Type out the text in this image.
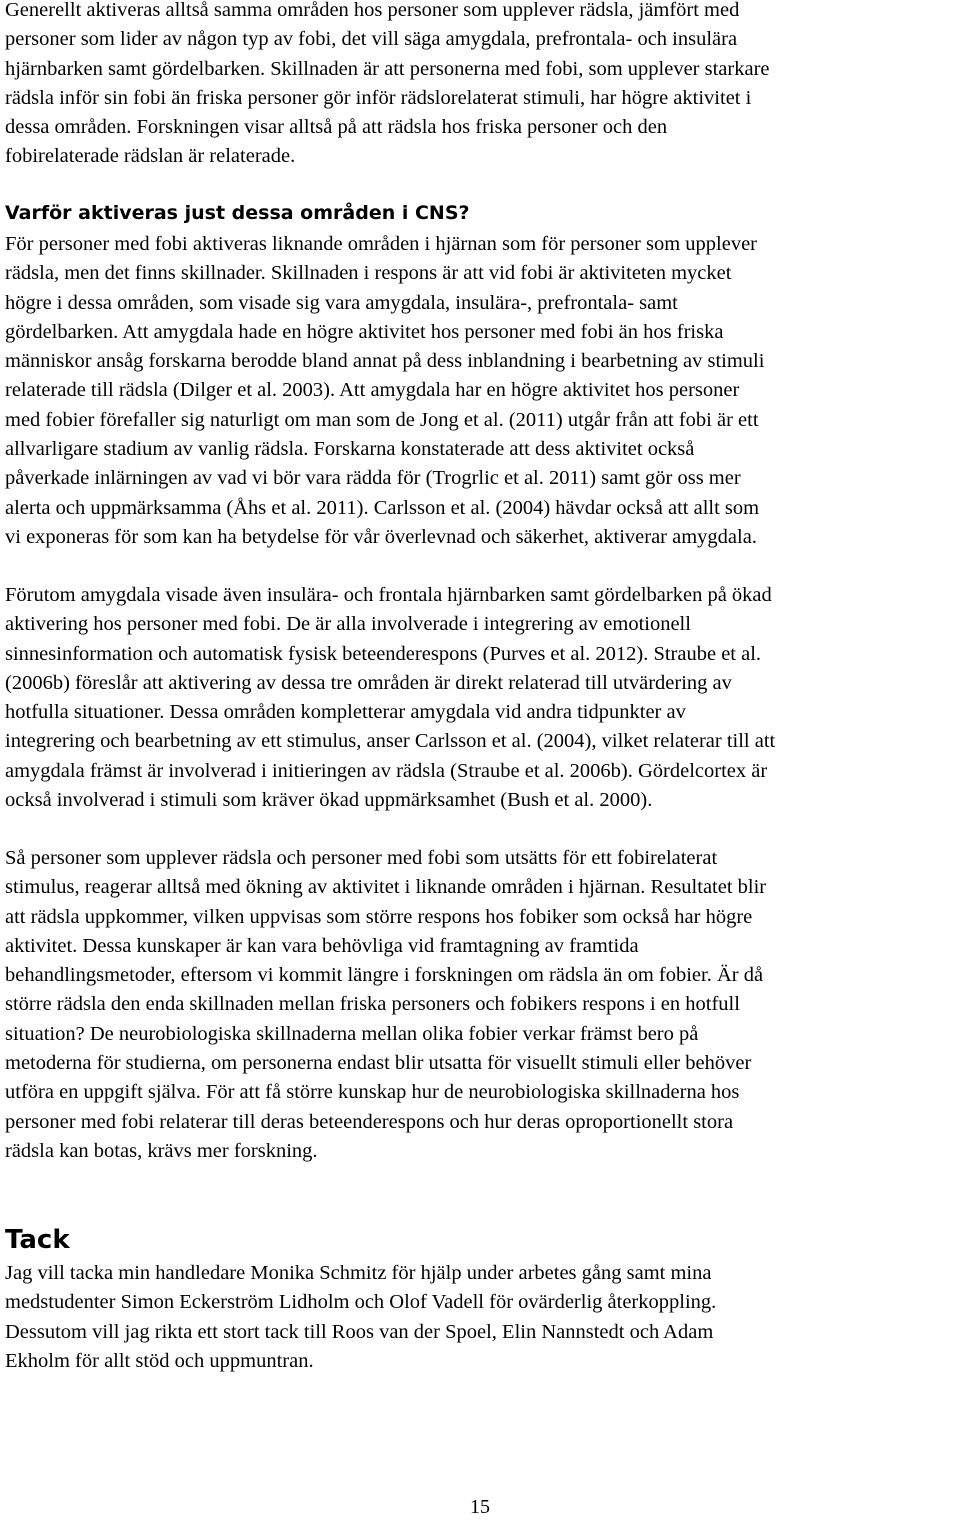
Generellt aktiveras alltså samma områden hos personer som upplever rädsla, jämfört med
personer som lider av någon typ av fobi, det vill säga amygdala, prefrontala- och insulära
hjärnbarken samt gördelbarken. Skillnaden är att personerna med fobi, som upplever starkare
rädsla inför sin fobi än friska personer gör inför rädslorelaterat stimuli, har högre aktivitet i
dessa områden. Forskningen visar alltså på att rädsla hos friska personer och den
fobirelaterade rädslan är relaterade.
Varför aktiveras just dessa områden i CNS?
För personer med fobi aktiveras liknande områden i hjärnan som för personer som upplever
rädsla, men det finns skillnader. Skillnaden i respons är att vid fobi är aktiviteten mycket
högre i dessa områden, som visade sig vara amygdala, insulära-, prefrontala- samt
gördelbarken. Att amygdala hade en högre aktivitet hos personer med fobi än hos friska
människor ansåg forskarna berodde bland annat på dess inblandning i bearbetning av stimuli
relaterade till rädsla (Dilger et al. 2003). Att amygdala har en högre aktivitet hos personer
med fobier förefaller sig naturligt om man som de Jong et al. (2011) utgår från att fobi är ett
allvarligare stadium av vanlig rädsla. Forskarna konstaterade att dess aktivitet också
påverkade inlärningen av vad vi bör vara rädda för (Trogrlic et al. 2011) samt gör oss mer
alerta och uppmärksamma (Åhs et al. 2011). Carlsson et al. (2004) hävdar också att allt som
vi exponeras för som kan ha betydelse för vår överlevnad och säkerhet, aktiverar amygdala.
Förutom amygdala visade även insulära- och frontala hjärnbarken samt gördelbarken på ökad
aktivering hos personer med fobi. De är alla involverade i integrering av emotionell
sinnesinformation och automatisk fysisk beteenderespons (Purves et al. 2012). Straube et al.
(2006b) föreslår att aktivering av dessa tre områden är direkt relaterad till utvärdering av
hotfulla situationer. Dessa områden kompletterar amygdala vid andra tidpunkter av
integrering och bearbetning av ett stimulus, anser Carlsson et al. (2004), vilket relaterar till att
amygdala främst är involverad i initieringen av rädsla (Straube et al. 2006b). Gördelcortex är
också involverad i stimuli som kräver ökad uppmärksamhet (Bush et al. 2000).
Så personer som upplever rädsla och personer med fobi som utsätts för ett fobirelaterat
stimulus, reagerar alltså med ökning av aktivitet i liknande områden i hjärnan. Resultatet blir
att rädsla uppkommer, vilken uppvisas som större respons hos fobiker som också har högre
aktivitet. Dessa kunskaper är kan vara behövliga vid framtagning av framtida
behandlingsmetoder, eftersom vi kommit längre i forskningen om rädsla än om fobier. Är då
större rädsla den enda skillnaden mellan friska personers och fobikers respons i en hotfull
situation? De neurobiologiska skillnaderna mellan olika fobier verkar främst bero på
metoderna för studierna, om personerna endast blir utsatta för visuellt stimuli eller behöver
utföra en uppgift själva. För att få större kunskap hur de neurobiologiska skillnaderna hos
personer med fobi relaterar till deras beteenderespons och hur deras oproportionellt stora
rädsla kan botas, krävs mer forskning.
Tack
Jag vill tacka min handledare Monika Schmitz för hjälp under arbetes gång samt mina
medstudenter Simon Eckerström Lidholm och Olof Vadell för ovärderlig återkoppling.
Dessutom vill jag rikta ett stort tack till Roos van der Spoel, Elin Nannstedt och Adam
Ekholm för allt stöd och uppmuntran.
15
